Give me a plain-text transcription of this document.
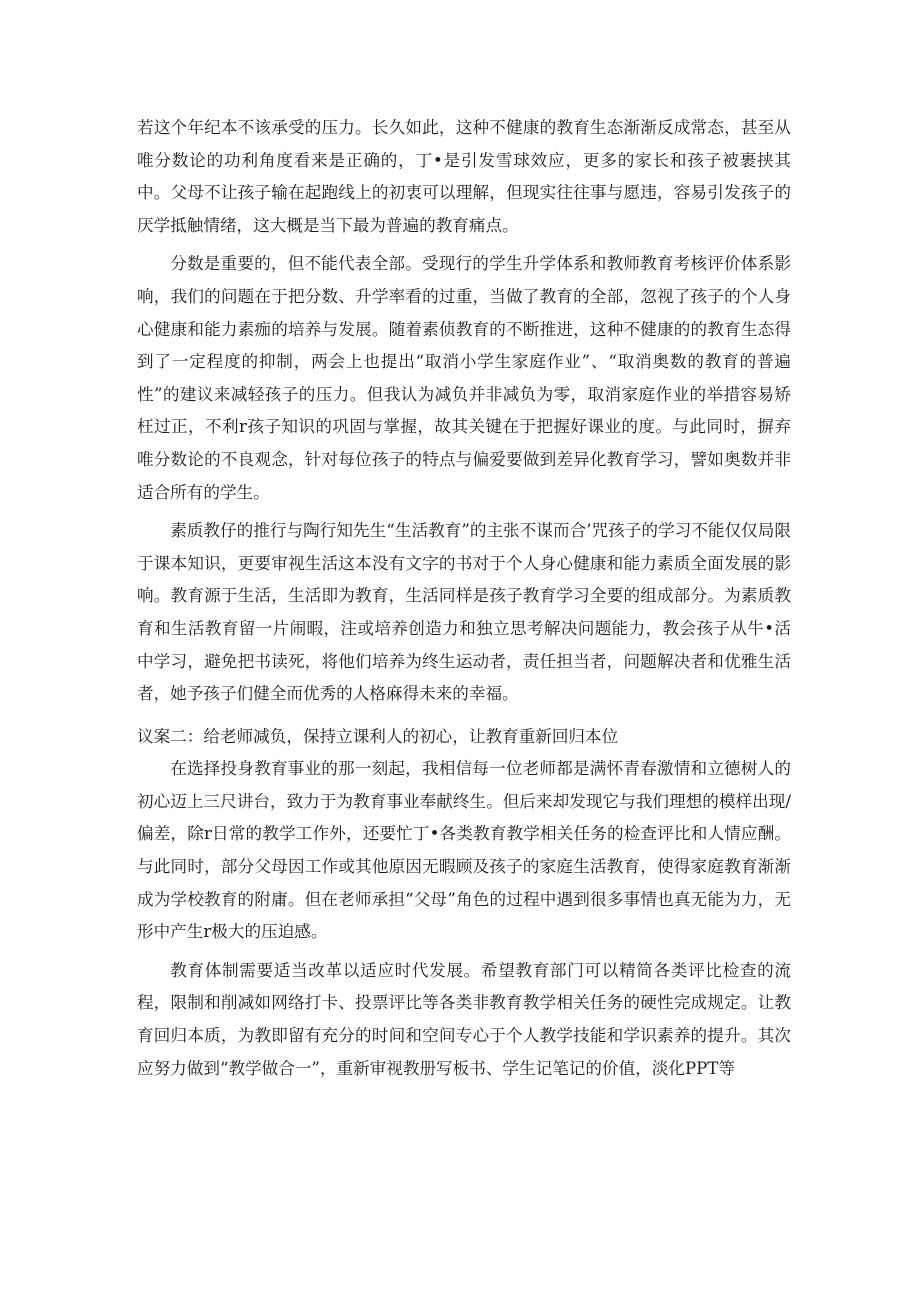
若这个年纪本不该承受的压力。长久如此，这种不健康的教育生态渐渐反成常态，甚至从唯分数论的功利角度看来是正确的，丁•是引发雪球效应，更多的家长和孩子被裹挟其中。父母不让孩子输在起跑线上的初衷可以理解，但现实往往事与愿违，容易引发孩子的厌学抵触情绪，这大概是当下最为普遍的教育痛点。

分数是重要的，但不能代表全部。受现行的学生升学体系和教师教育考核评价体系影响，我们的问题在于把分数、升学率看的过重，当做了教育的全部，忽视了孩子的个人身心健康和能力素痂的培养与发展。随着素侦教育的不断推进，这种不健康的的教育生态得到了一定程度的抑制，两会上也提出“取消小学生家庭作业”、“取消奥数的教育的普遍性”的建议来减轻孩子的压力。但我认为减负并非减负为零，取消家庭作业的举措容易矫枉过正，不利r孩子知识的巩固与掌握，故其关键在于把握好课业的度。与此同时，摒弃唯分数论的不良观念，针对每位孩子的特点与偏爱要做到差异化教育学习，譬如奥数并非适合所有的学生。

素质教仔的推行与陶行知先生“生活教育”的主张不谋而合’咒孩子的学习不能仅仅局限于课本知识，更要审视生活这本没有文字的书对于个人身心健康和能力素质全面发展的影响。教育源于生活，生活即为教育，生活同样是孩子教育学习全要的组成部分。为素质教育和生活教育留一片闹暇，注或培养创造力和独立思考解决问题能力，教会孩子从牛•活中学习，避免把书读死，将他们培养为终生运动者，责任担当者，问题解决者和优雅生活者，她予孩子们健全而优秀的人格麻得未来的幸福。

议案二：给老师减负，保持立课利人的初心，让教育重新回归本位

在选择投身教育事业的那一刻起，我相信每一位老师都是满怀青春激情和立德树人的初心迈上三尺讲台，致力于为教育事业奉献终生。但后来却发现它与我们理想的模样出现/偏差，除r日常的教学工作外，还要忙丁•各类教育教学相关任务的检查评比和人情应酬。与此同时，部分父母因工作或其他原因无暇顾及孩子的家庭生活教育，使得家庭教育渐渐成为学校教育的附庸。但在老师承担“父母”角色的过程中遇到很多事情也真无能为力，无形中产生r极大的压迫感。

教育体制需要适当改革以适应时代发展。希望教育部门可以精简各类评比检查的流程，限制和削减如网络打卡、投票评比等各类非教育教学相关任务的硬性完成规定。让教育回归本质，为教即留有充分的时间和空间专心于个人教学技能和学识素养的提升。其次应努力做到“教学做合一”，重新审视教册写板书、学生记笔记的价值，淡化PPT等
